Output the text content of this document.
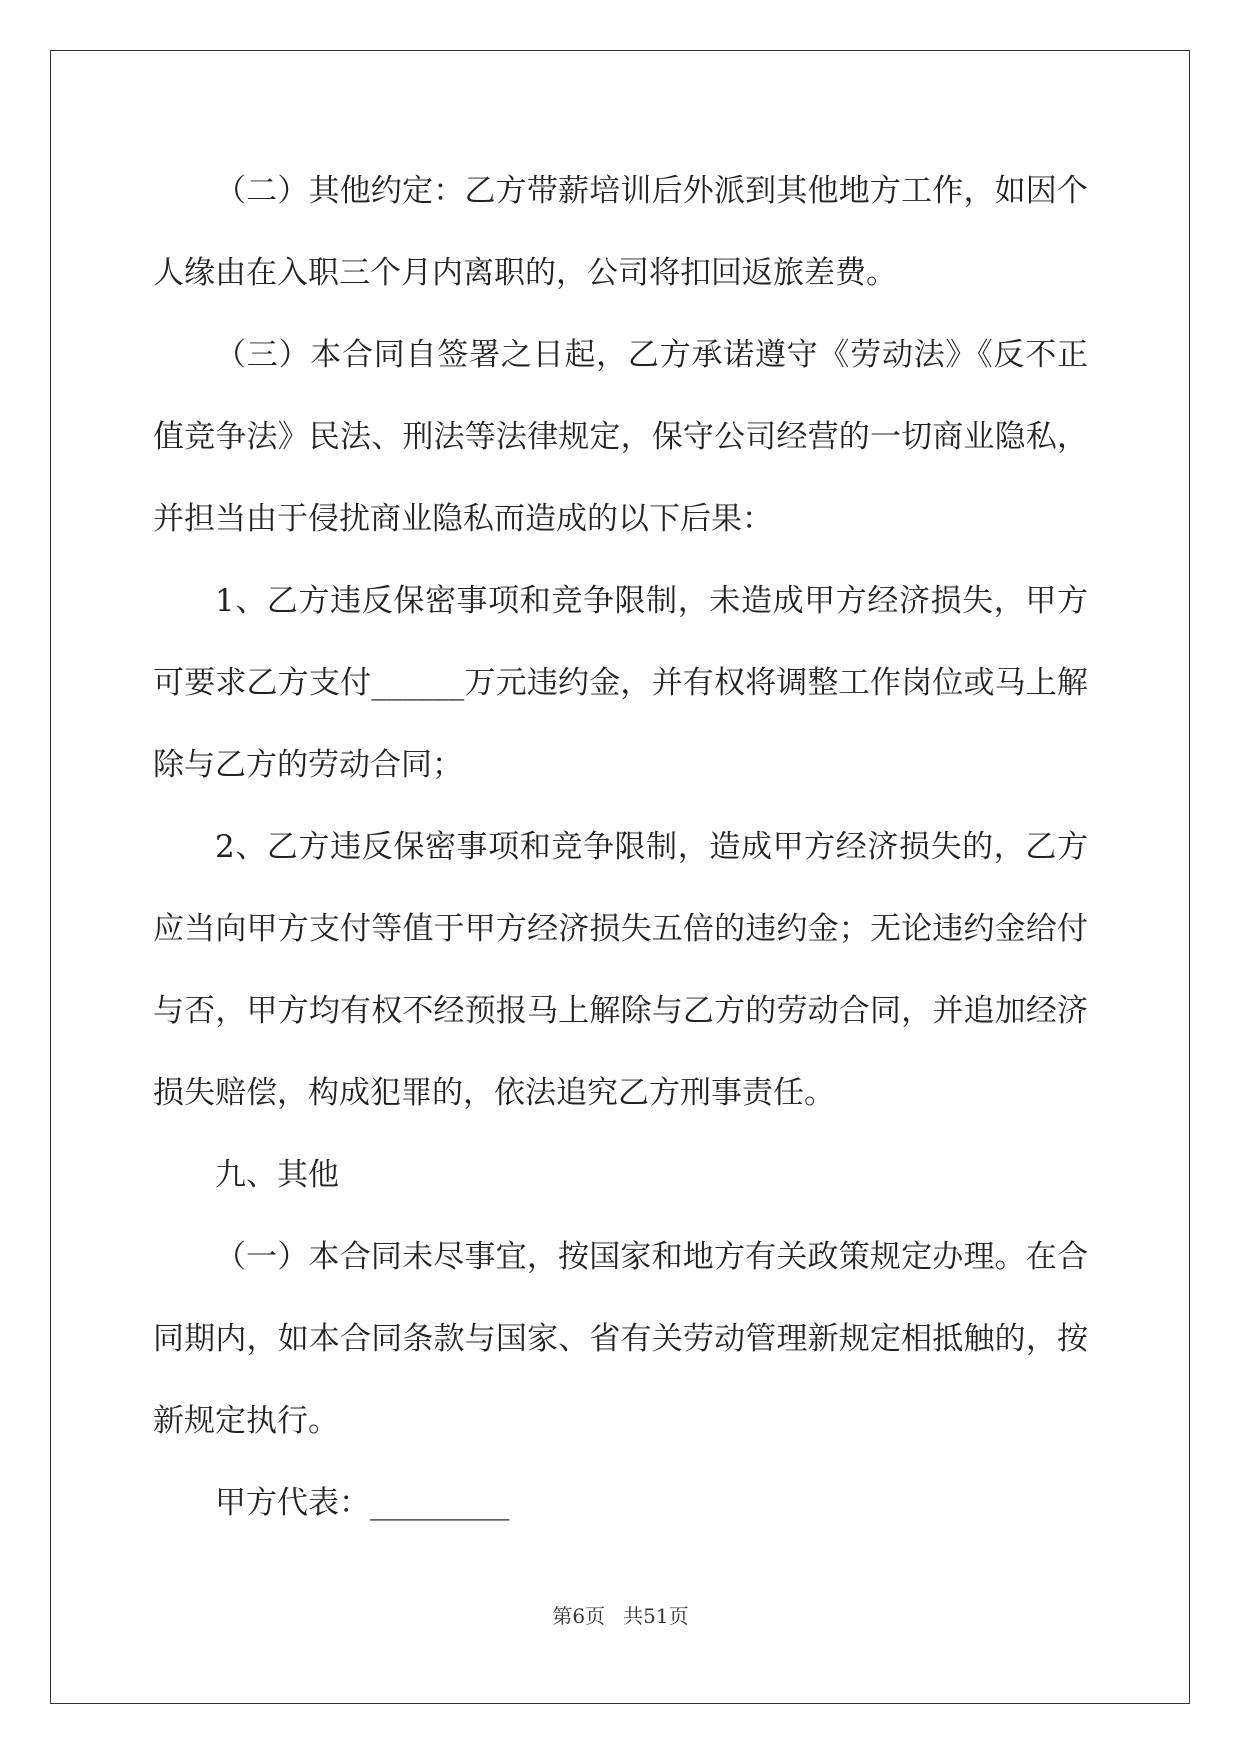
（二）其他约定：乙方带薪培训后外派到其他地方工作，如因个人缘由在入职三个月内离职的，公司将扣回返旅差费。

（三）本合同自签署之日起，乙方承诺遵守《劳动法》《反不正值竞争法》民法、刑法等法律规定，保守公司经营的一切商业隐私，并担当由于侵扰商业隐私而造成的以下后果：

1、乙方违反保密事项和竞争限制，未造成甲方经济损失，甲方可要求乙方支付______万元违约金，并有权将调整工作岗位或马上解除与乙方的劳动合同；

2、乙方违反保密事项和竞争限制，造成甲方经济损失的，乙方应当向甲方支付等值于甲方经济损失五倍的违约金；无论违约金给付与否，甲方均有权不经预报马上解除与乙方的劳动合同，并追加经济损失赔偿，构成犯罪的，依法追究乙方刑事责任。

九、其他

（一）本合同未尽事宜，按国家和地方有关政策规定办理。在合同期内，如本合同条款与国家、省有关劳动管理新规定相抵触的，按新规定执行。

甲方代表：_________

第6页 共51页
